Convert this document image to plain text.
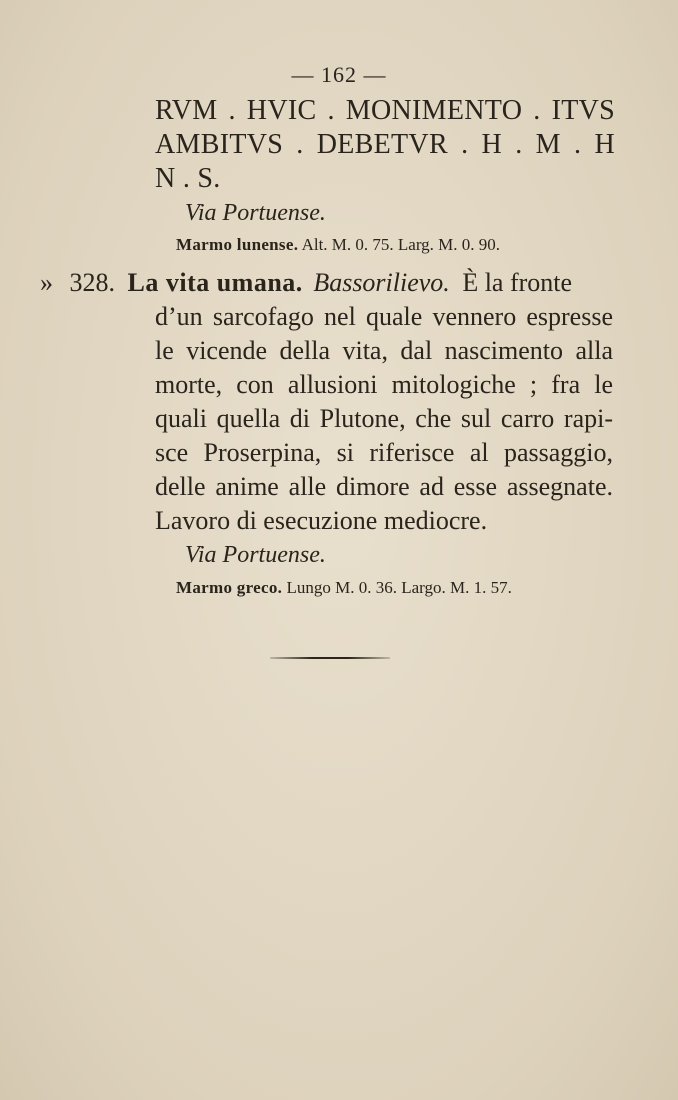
— 162 —
RVM . HVIC . MONIMENTO . ITVS
AMBITVS . DEBETVR . H . M . H
N . S.
Via Portuense.
Marmo lunense. Alt. M. 0. 75. Larg. M. 0. 90.
» 328. La vita umana. Bassorilievo. È la fronte
d’un sarcofago nel quale vennero espresse
le vicende della vita, dal nascimento alla
morte, con allusioni mitologiche ; fra le
quali quella di Plutone, che sul carro rapi-
sce Proserpina, si riferisce al passaggio,
delle anime alle dimore ad esse assegnate.
Lavoro di esecuzione mediocre.
Via Portuense.
Marmo greco. Lungo M. 0. 36. Largo. M. 1. 57.
